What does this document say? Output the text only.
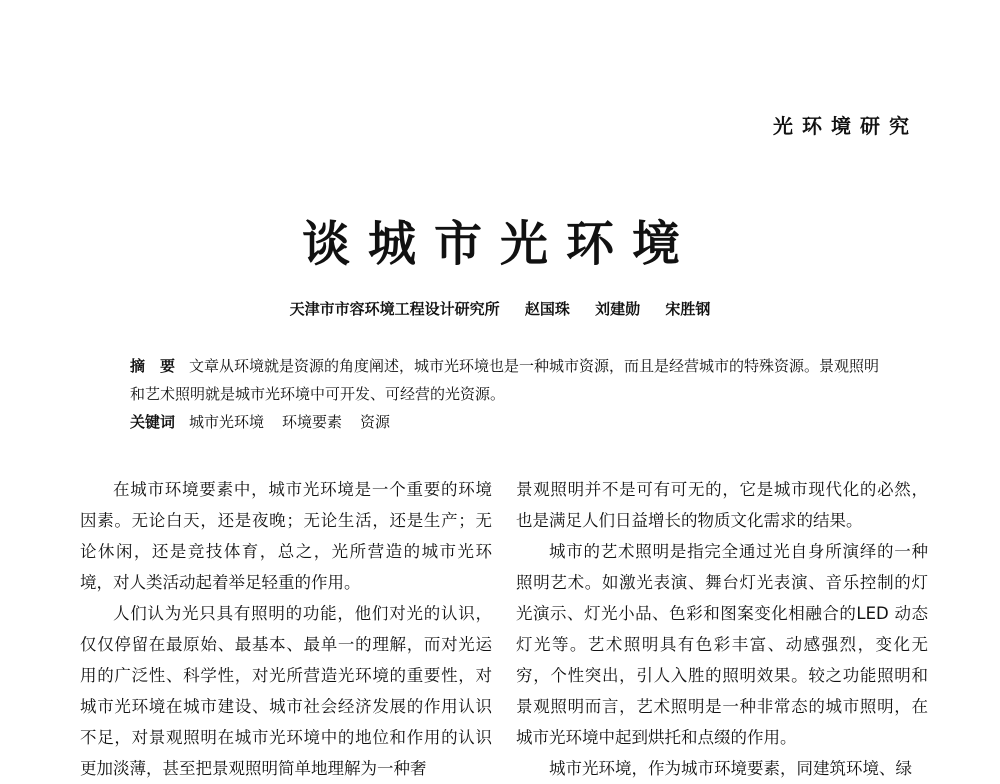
光环境研究
谈城市光环境
天津市市容环境工程设计研究所 赵国珠 刘建勋 宋胜钢
摘　要 文章从环境就是资源的角度阐述，城市光环境也是一种城市资源，而且是经营城市的特殊资源。景观照明和艺术照明就是城市光环境中可开发、可经营的光资源。
关键词 城市光环境 环境要素 资源

在城市环境要素中，城市光环境是一个重要的环境因素。无论白天，还是夜晚；无论生活，还是生产；无论休闲，还是竞技体育，总之，光所营造的城市光环境，对人类活动起着举足轻重的作用。

人们认为光只具有照明的功能，他们对光的认识，仅仅停留在最原始、最基本、最单一的理解，而对光运用的广泛性、科学性，对光所营造光环境的重要性，对城市光环境在城市建设、城市社会经济发展的作用认识不足，对景观照明在城市光环境中的地位和作用的认识更加淡薄，甚至把景观照明简单地理解为一种奢

景观照明并不是可有可无的，它是城市现代化的必然，也是满足人们日益增长的物质文化需求的结果。

城市的艺术照明是指完全通过光自身所演绎的一种照明艺术。如激光表演、舞台灯光表演、音乐控制的灯光演示、灯光小品、色彩和图案变化相融合的LED 动态灯光等。艺术照明具有色彩丰富、动感强烈，变化无穷，个性突出，引人入胜的照明效果。较之功能照明和景观照明而言，艺术照明是一种非常态的城市照明，在城市光环境中起到烘托和点缀的作用。

城市光环境，作为城市环境要素，同建筑环境、绿
